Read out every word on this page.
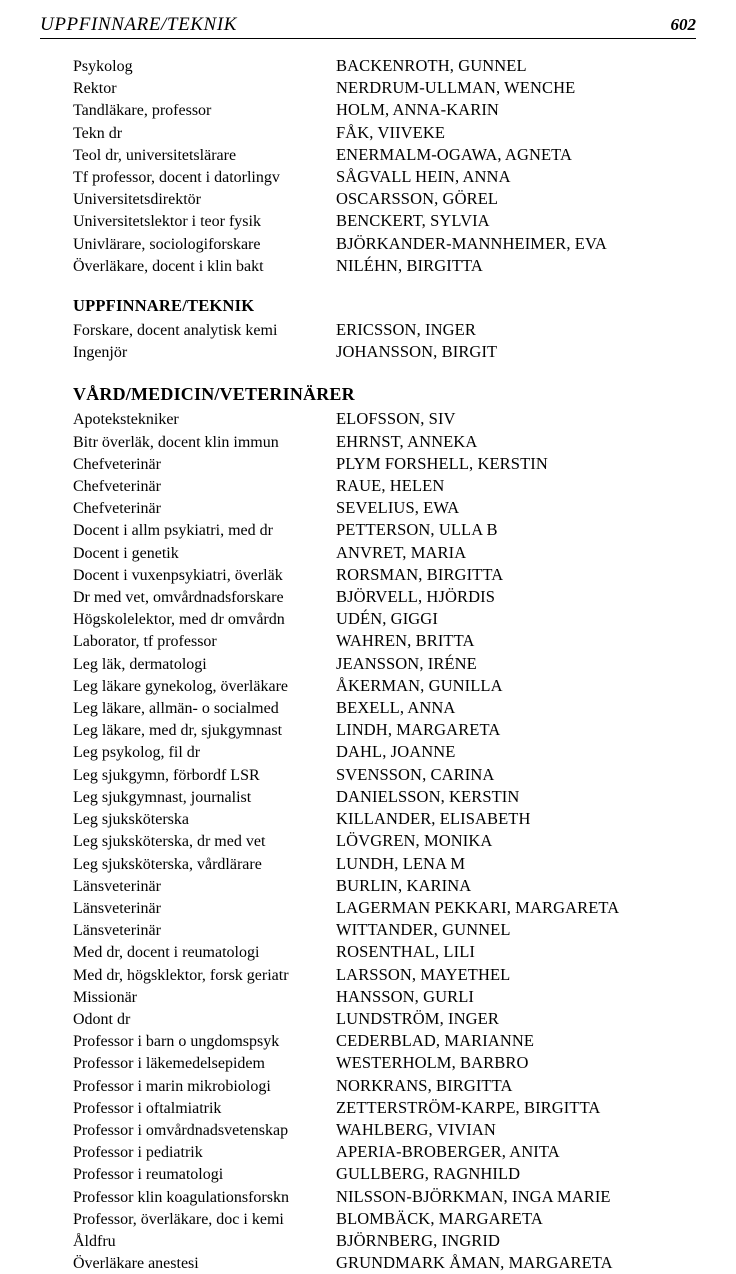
UPPFINNARE/TEKNIK	602
Psykolog	BACKENROTH, GUNNEL
Rektor	NERDRUM-ULLMAN, WENCHE
Tandläkare, professor	HOLM, ANNA-KARIN
Tekn dr	FÅK, VIIVEKE
Teol dr, universitetslärare	ENERMALM-OGAWA, AGNETA
Tf professor, docent i datorlingv	SÅGVALL HEIN, ANNA
Universitetsdirektör	OSCARSSON, GÖREL
Universitetslektor i teor fysik	BENCKERT, SYLVIA
Univlärare, sociologiforskare	BJÖRKANDER-MANNHEIMER, EVA
Överläkare, docent i klin bakt	NILÉHN, BIRGITTA
UPPFINNARE/TEKNIK
Forskare, docent analytisk kemi	ERICSSON, INGER
Ingenjör	JOHANSSON, BIRGIT
VÅRD/MEDICIN/VETERINÄRER
Apotekstekniker	ELOFSSON, SIV
Bitr överläk, docent klin immun	EHRNST, ANNEKA
Chefveterinär	PLYM FORSHELL, KERSTIN
Chefveterinär	RAUE, HELEN
Chefveterinär	SEVELIUS, EWA
Docent i allm psykiatri, med dr	PETTERSON, ULLA B
Docent i genetik	ANVRET, MARIA
Docent i vuxenpsykiatri, överläk	RORSMAN, BIRGITTA
Dr med vet, omvårdnadsforskare	BJÖRVELL, HJÖRDIS
Högskolelektor, med dr omvårdn	UDÉN, GIGGI
Laborator, tf professor	WAHREN, BRITTA
Leg läk, dermatologi	JEANSSON, IRÉNE
Leg läkare gynekolog, överläkare	ÅKERMAN, GUNILLA
Leg läkare, allmän- o socialmed	BEXELL, ANNA
Leg läkare, med dr, sjukgymnast	LINDH, MARGARETA
Leg psykolog, fil dr	DAHL, JOANNE
Leg sjukgymn, förbordf LSR	SVENSSON, CARINA
Leg sjukgymnast, journalist	DANIELSSON, KERSTIN
Leg sjuksköterska	KILLANDER, ELISABETH
Leg sjuksköterska, dr med vet	LÖVGREN, MONIKA
Leg sjuksköterska, vårdlärare	LUNDH, LENA M
Länsveterinär	BURLIN, KARINA
Länsveterinär	LAGERMAN PEKKARI, MARGARETA
Länsveterinär	WITTANDER, GUNNEL
Med dr, docent i reumatologi	ROSENTHAL, LILI
Med dr, högsklektor, forsk geriatr	LARSSON, MAYETHEL
Missionär	HANSSON, GURLI
Odont dr	LUNDSTRÖM, INGER
Professor i barn o ungdomspsyk	CEDERBLAD, MARIANNE
Professor i läkemedelsepidem	WESTERHOLM, BARBRO
Professor i marin mikrobiologi	NORKRANS, BIRGITTA
Professor i oftalmiatrik	ZETTERSTRÖM-KARPE, BIRGITTA
Professor i omvårdnadsvetenskap	WAHLBERG, VIVIAN
Professor i pediatrik	APERIA-BROBERGER, ANITA
Professor i reumatologi	GULLBERG, RAGNHILD
Professor klin koagulationsforskn	NILSSON-BJÖRKMAN, INGA MARIE
Professor, överläkare, doc i kemi	BLOMBÄCK, MARGARETA
Åldfru	BJÖRNBERG, INGRID
Överläkare anestesi	GRUNDMARK ÅMAN, MARGARETA
